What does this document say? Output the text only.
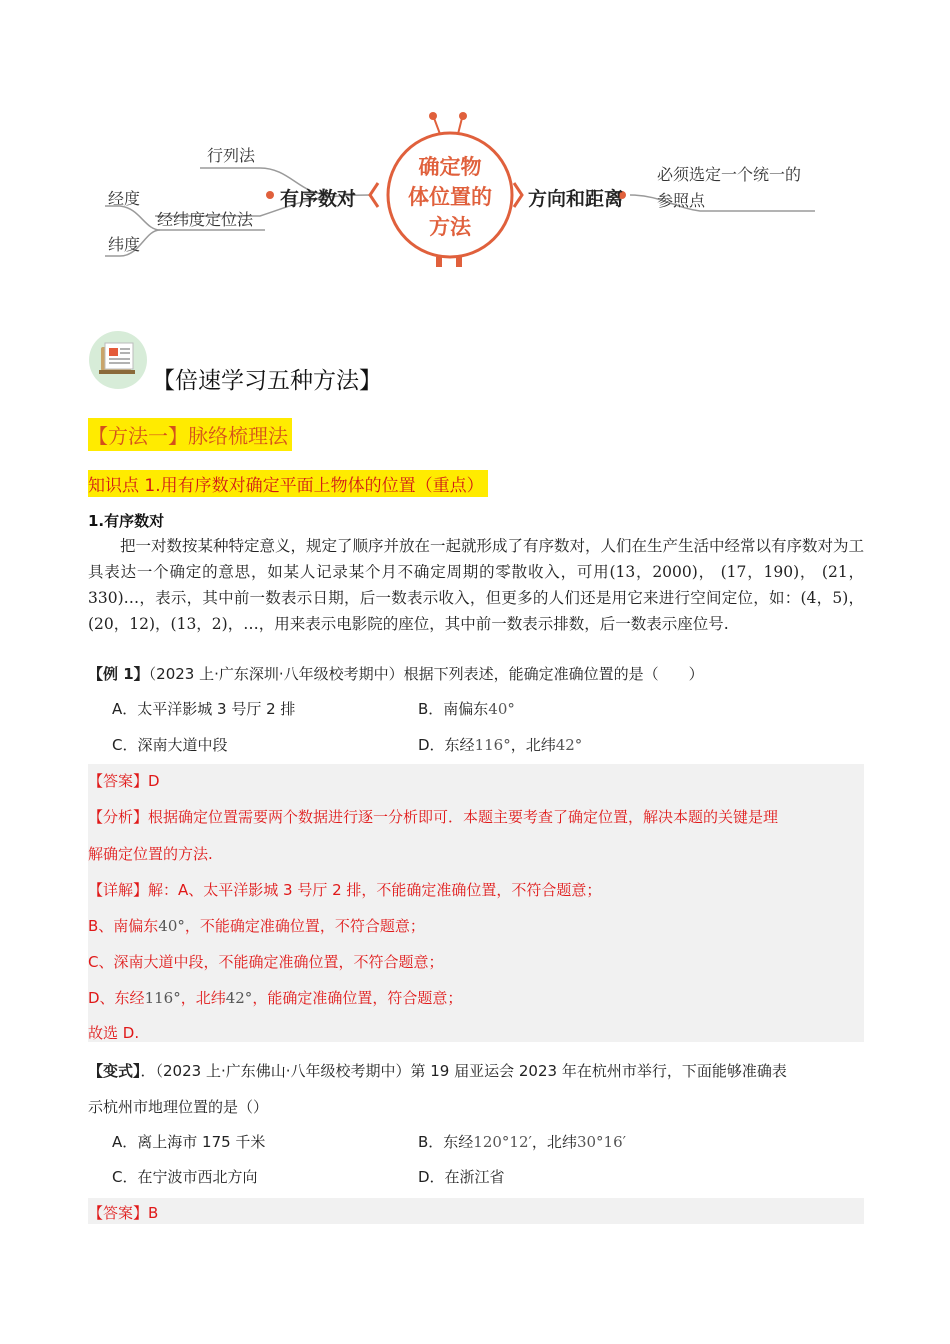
确定物
体位置的
方法
有序数对
行列法
经纬度定位法
经度
纬度
方向和距离
必须选定一个统一的
参照点
【倍速学习五种方法】
【方法一】脉络梳理法
知识点 1.用有序数对确定平面上物体的位置（重点）
1.有序数对
把一对数按某种特定意义，规定了顺序并放在一起就形成了有序数对，人们在生产生活中经常以有序数对为工具表达一个确定的意思，如某人记录某个月不确定周期的零散收入，可用(13，2000)， (17，190)， (21，330)…，表示，其中前一数表示日期，后一数表示收入，但更多的人们还是用它来进行空间定位，如：(4，5)，(20，12)，(13，2)，…，用来表示电影院的座位，其中前一数表示排数，后一数表示座位号.
【例 1】（2023 上·广东深圳·八年级校考期中）根据下列表述，能确定准确位置的是（　　）
A．太平洋影城 3 号厅 2 排	B．南偏东40°
C．深南大道中段	D．东经116°，北纬42°
【答案】D
【分析】根据确定位置需要两个数据进行逐一分析即可．本题主要考查了确定位置，解决本题的关键是理
解确定位置的方法.
【详解】解：A、太平洋影城 3 号厅 2 排，不能确定准确位置，不符合题意；
B、南偏东40°，不能确定准确位置，不符合题意；
C、深南大道中段，不能确定准确位置，不符合题意；
D、东经116°，北纬42°，能确定准确位置，符合题意；
故选 D.
【变式】．（2023 上·广东佛山·八年级校考期中）第 19 届亚运会 2023 年在杭州市举行，下面能够准确表
示杭州市地理位置的是（）
A．离上海市 175 千米	B．东经120°12′，北纬30°16′
C．在宁波市西北方向	D．在浙江省
【答案】B
